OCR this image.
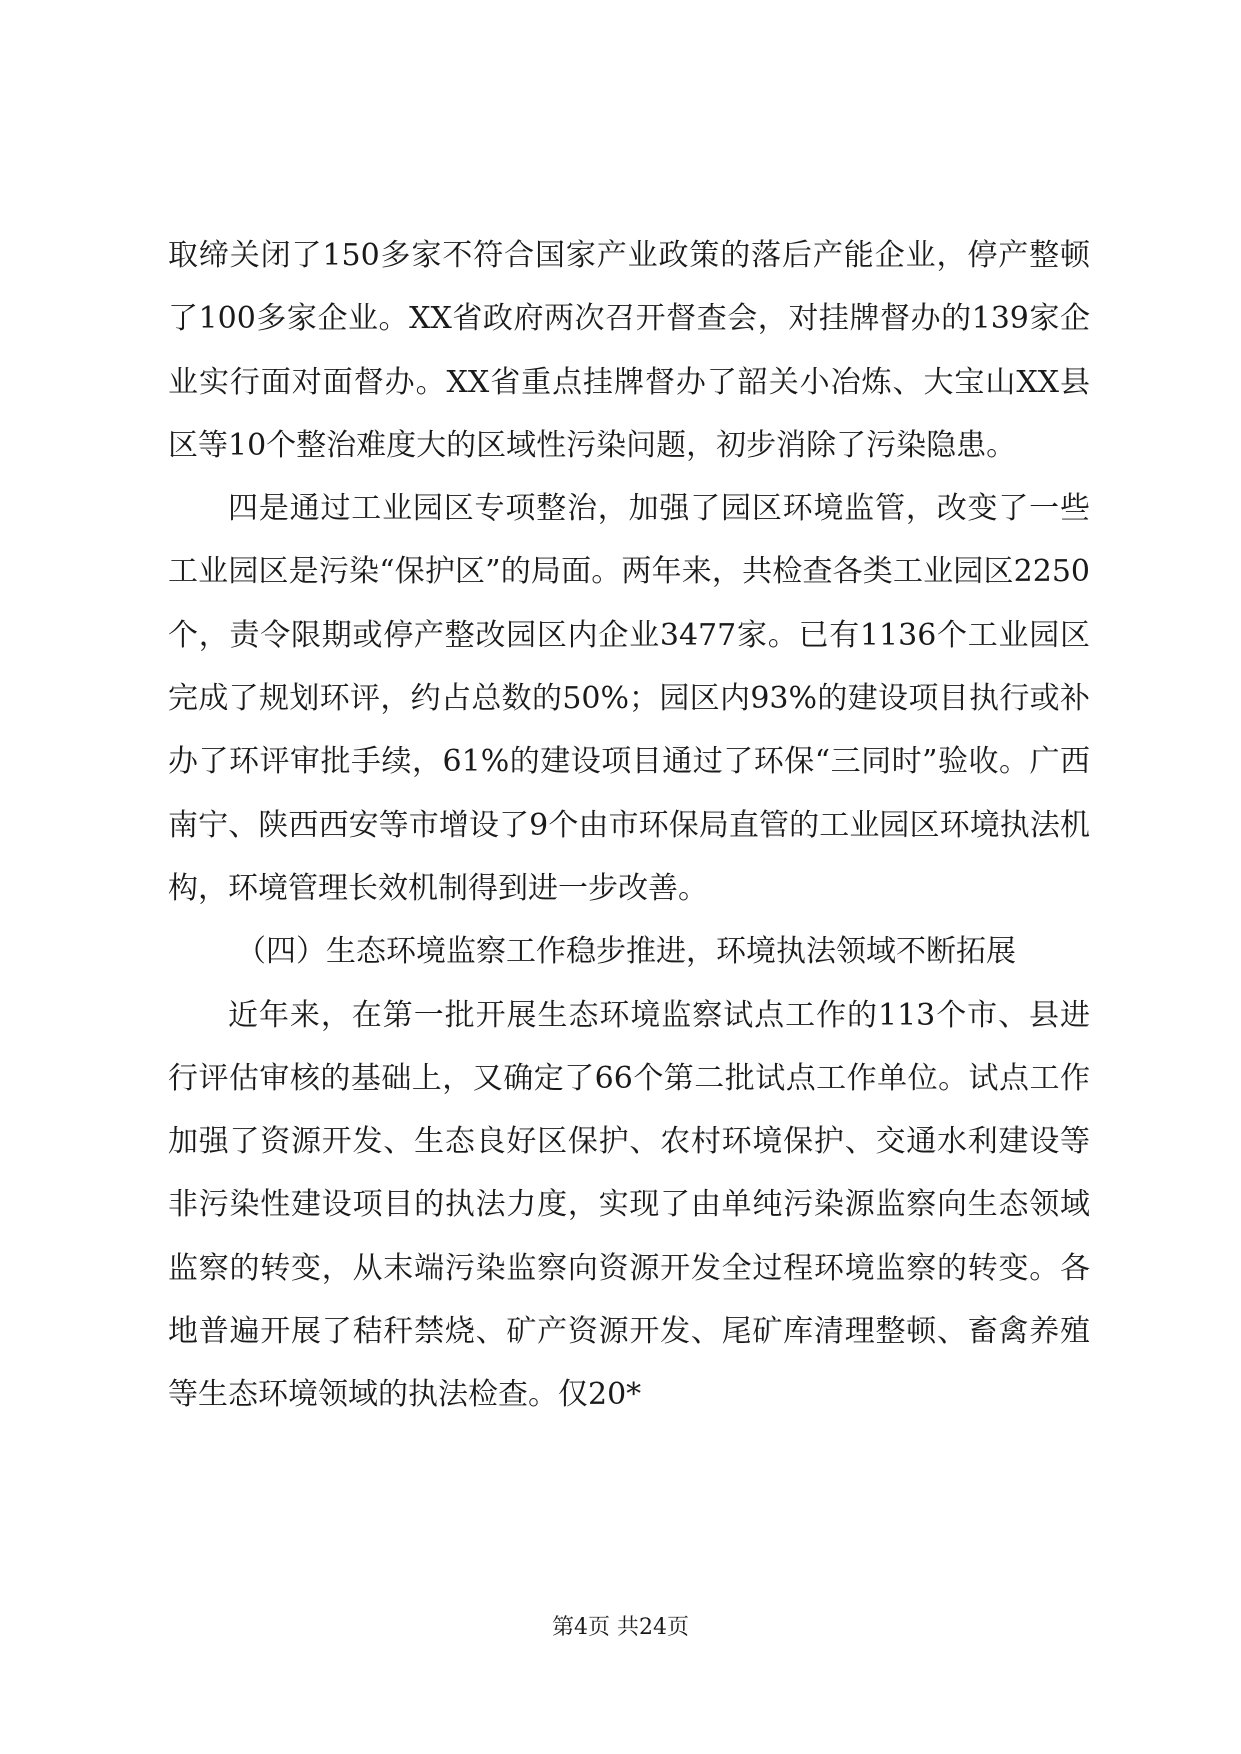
取缔关闭了150多家不符合国家产业政策的落后产能企业，停产整顿了100多家企业。XX省政府两次召开督查会，对挂牌督办的139家企业实行面对面督办。XX省重点挂牌督办了韶关小冶炼、大宝山XX县区等10个整治难度大的区域性污染问题，初步消除了污染隐患。

四是通过工业园区专项整治，加强了园区环境监管，改变了一些工业园区是污染“保护区”的局面。两年来，共检查各类工业园区2250个，责令限期或停产整改园区内企业3477家。已有1136个工业园区完成了规划环评，约占总数的50%；园区内93%的建设项目执行或补办了环评审批手续，61%的建设项目通过了环保“三同时”验收。广西南宁、陕西西安等市增设了9个由市环保局直管的工业园区环境执法机构，环境管理长效机制得到进一步改善。

（四）生态环境监察工作稳步推进，环境执法领域不断拓展

近年来，在第一批开展生态环境监察试点工作的113个市、县进行评估审核的基础上，又确定了66个第二批试点工作单位。试点工作加强了资源开发、生态良好区保护、农村环境保护、交通水利建设等非污染性建设项目的执法力度，实现了由单纯污染源监察向生态领域监察的转变，从末端污染监察向资源开发全过程环境监察的转变。各地普遍开展了秸秆禁烧、矿产资源开发、尾矿库清理整顿、畜禽养殖等生态环境领域的执法检查。仅20*

第4页 共24页
